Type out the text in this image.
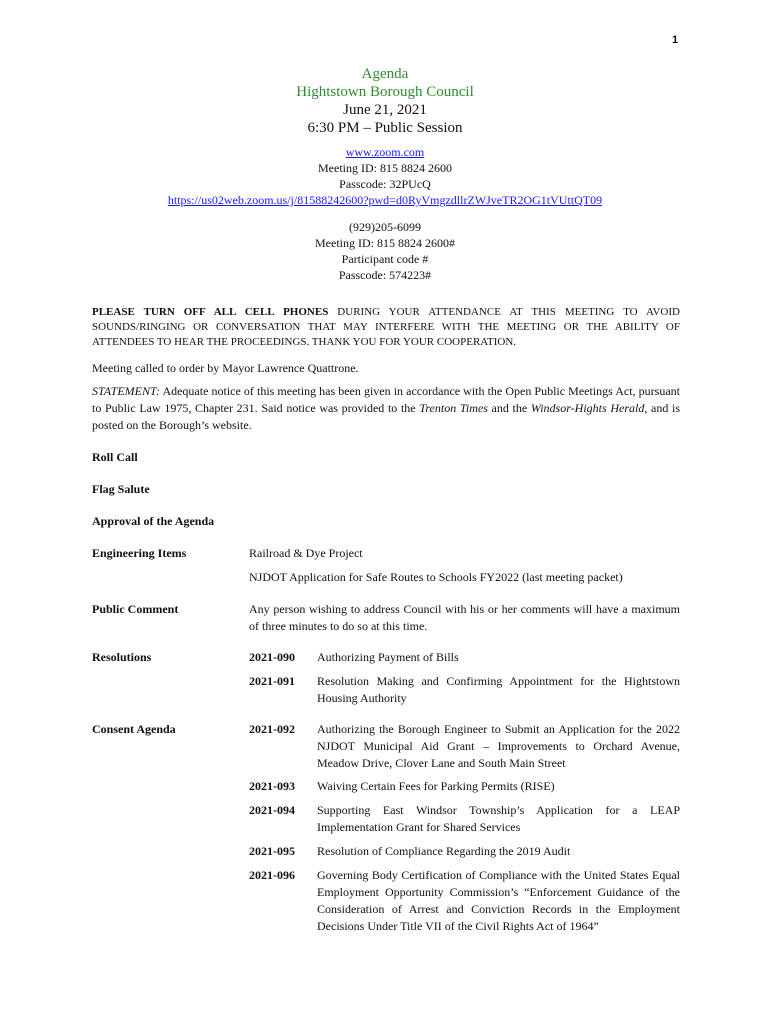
1
Agenda
Hightstown Borough Council
June 21, 2021
6:30 PM – Public Session
www.zoom.com
Meeting ID: 815 8824 2600
Passcode: 32PUcQ
https://us02web.zoom.us/j/81588242600?pwd=d0RyVmgzdllrZWJveTR2OG1tVUttQT09
(929)205-6099
Meeting ID: 815 8824 2600#
Participant code #
Passcode: 574223#
PLEASE TURN OFF ALL CELL PHONES DURING YOUR ATTENDANCE AT THIS MEETING TO AVOID SOUNDS/RINGING OR CONVERSATION THAT MAY INTERFERE WITH THE MEETING OR THE ABILITY OF ATTENDEES TO HEAR THE PROCEEDINGS. THANK YOU FOR YOUR COOPERATION.
Meeting called to order by Mayor Lawrence Quattrone.
STATEMENT: Adequate notice of this meeting has been given in accordance with the Open Public Meetings Act, pursuant to Public Law 1975, Chapter 231. Said notice was provided to the Trenton Times and the Windsor-Hights Herald, and is posted on the Borough’s website.
Roll Call
Flag Salute
Approval of the Agenda
Engineering Items	Railroad & Dye Project
NJDOT Application for Safe Routes to Schools FY2022 (last meeting packet)
Public Comment	Any person wishing to address Council with his or her comments will have a maximum of three minutes to do so at this time.
Resolutions
Consent Agenda
2021-090 Authorizing Payment of Bills
2021-091 Resolution Making and Confirming Appointment for the Hightstown Housing Authority
2021-092 Authorizing the Borough Engineer to Submit an Application for the 2022 NJDOT Municipal Aid Grant – Improvements to Orchard Avenue, Meadow Drive, Clover Lane and South Main Street
2021-093 Waiving Certain Fees for Parking Permits (RISE)
2021-094 Supporting East Windsor Township’s Application for a LEAP Implementation Grant for Shared Services
2021-095 Resolution of Compliance Regarding the 2019 Audit
2021-096 Governing Body Certification of Compliance with the United States Equal Employment Opportunity Commission’s “Enforcement Guidance of the Consideration of Arrest and Conviction Records in the Employment Decisions Under Title VII of the Civil Rights Act of 1964”
